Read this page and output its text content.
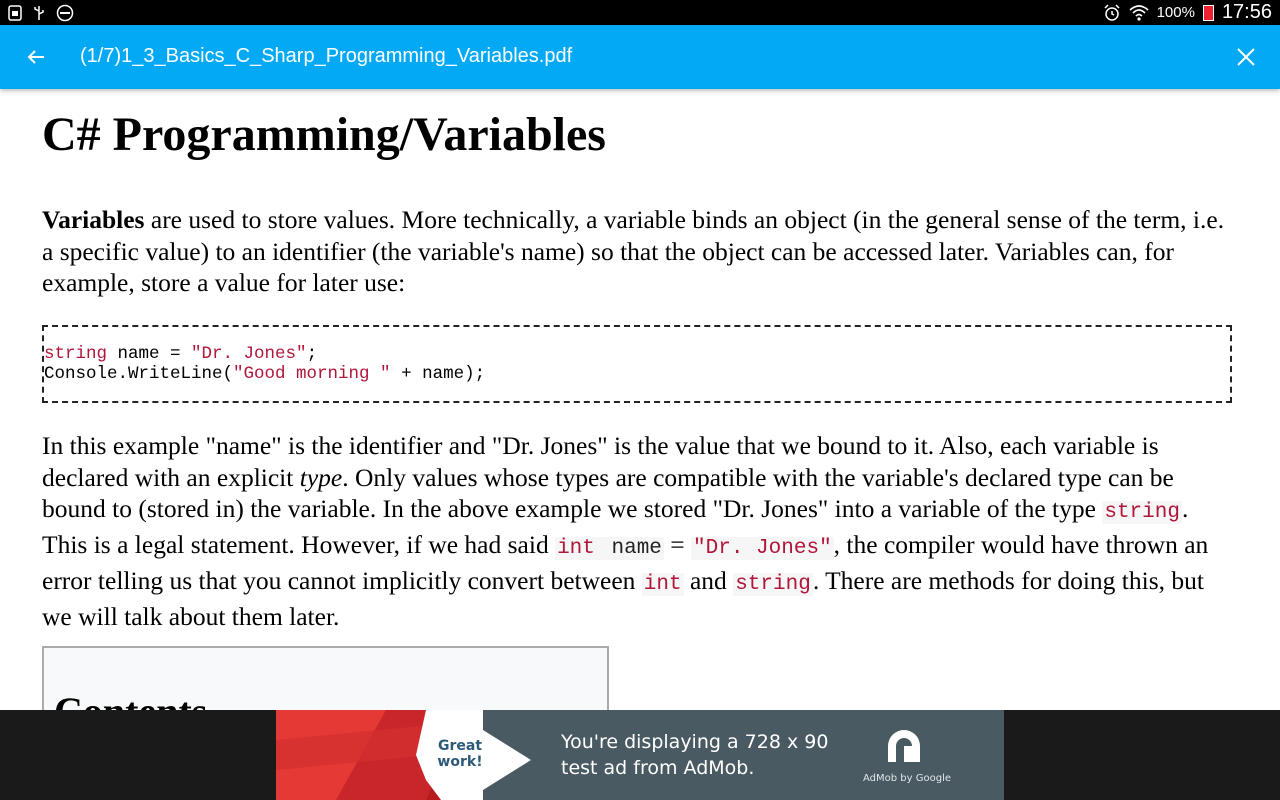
100% 17:56
(1/7)1_3_Basics_C_Sharp_Programming_Variables.pdf
C# Programming/Variables

Variables are used to store values. More technically, a variable binds an object (in the general sense of the term, i.e. a specific value) to an identifier (the variable's name) so that the object can be accessed later. Variables can, for example, store a value for later use:

string name = "Dr. Jones";
Console.WriteLine("Good morning " + name);

In this example "name" is the identifier and "Dr. Jones" is the value that we bound to it. Also, each variable is declared with an explicit type. Only values whose types are compatible with the variable's declared type can be bound to (stored in) the variable. In the above example we stored "Dr. Jones" into a variable of the type string. This is a legal statement. However, if we had said int name = "Dr. Jones", the compiler would have thrown an error telling us that you cannot implicitly convert between int and string. There are methods for doing this, but we will talk about them later.

Great
work!
You're displaying a 728 x 90
test ad from AdMob.	AdMob by Google
